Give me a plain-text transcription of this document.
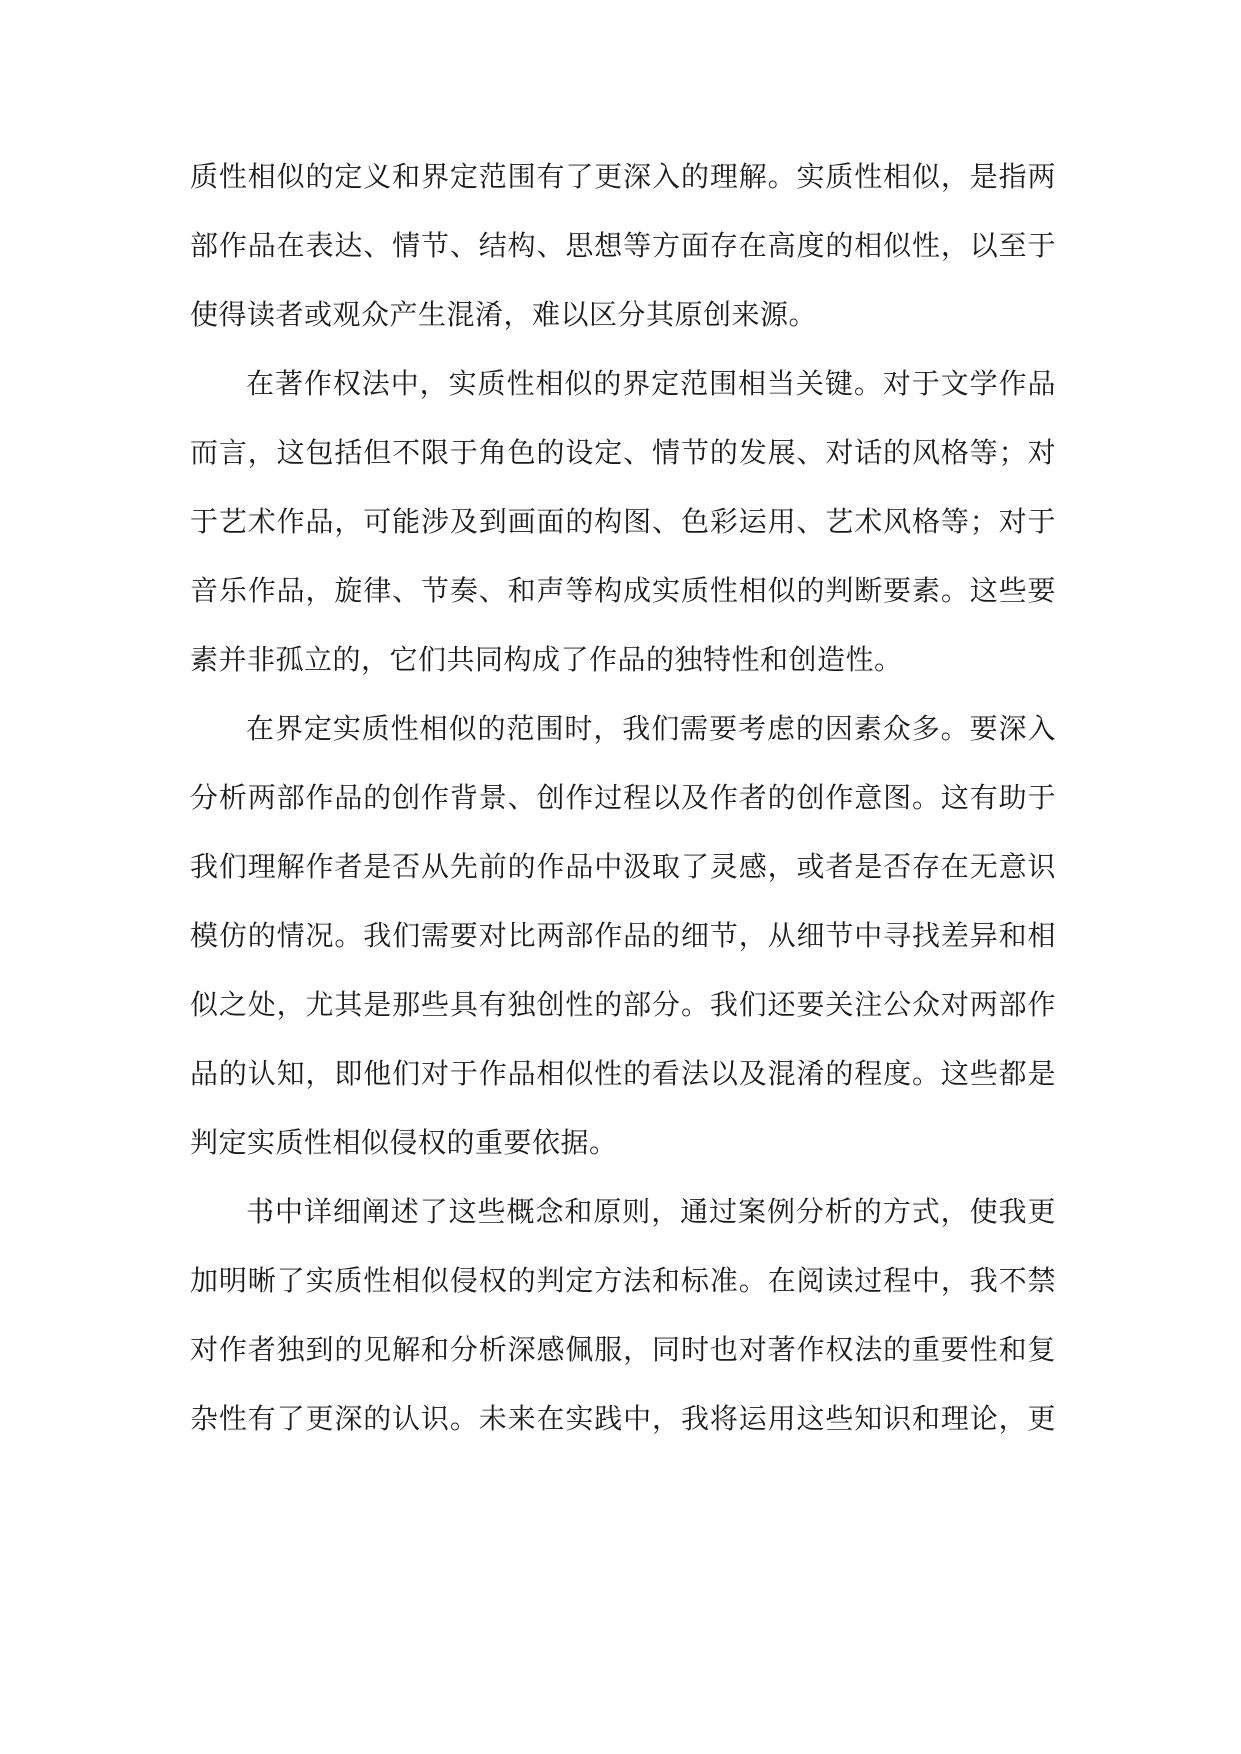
质性相似的定义和界定范围有了更深入的理解。实质性相似，是指两
部作品在表达、情节、结构、思想等方面存在高度的相似性，以至于
使得读者或观众产生混淆，难以区分其原创来源。
在著作权法中，实质性相似的界定范围相当关键。对于文学作品
而言，这包括但不限于角色的设定、情节的发展、对话的风格等；对
于艺术作品，可能涉及到画面的构图、色彩运用、艺术风格等；对于
音乐作品，旋律、节奏、和声等构成实质性相似的判断要素。这些要
素并非孤立的，它们共同构成了作品的独特性和创造性。
在界定实质性相似的范围时，我们需要考虑的因素众多。要深入
分析两部作品的创作背景、创作过程以及作者的创作意图。这有助于
我们理解作者是否从先前的作品中汲取了灵感，或者是否存在无意识
模仿的情况。我们需要对比两部作品的细节，从细节中寻找差异和相
似之处，尤其是那些具有独创性的部分。我们还要关注公众对两部作
品的认知，即他们对于作品相似性的看法以及混淆的程度。这些都是
判定实质性相似侵权的重要依据。
书中详细阐述了这些概念和原则，通过案例分析的方式，使我更
加明晰了实质性相似侵权的判定方法和标准。在阅读过程中，我不禁
对作者独到的见解和分析深感佩服，同时也对著作权法的重要性和复
杂性有了更深的认识。未来在实践中，我将运用这些知识和理论，更
